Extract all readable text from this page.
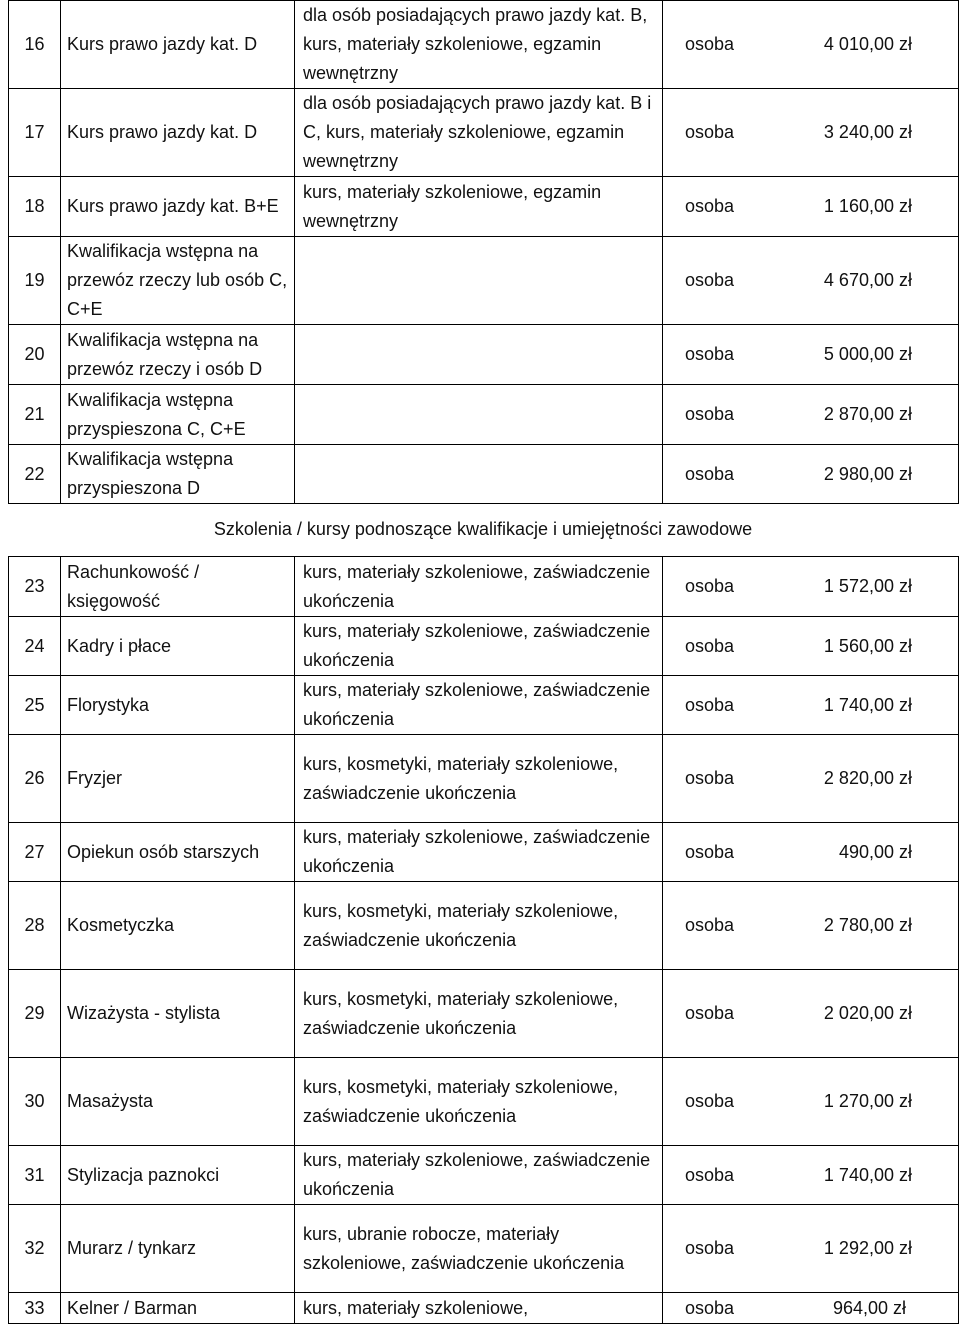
16	Kurs prawo jazdy kat. D	dla osób posiadających prawo jazdy kat. B, kurs, materiały szkoleniowe, egzamin wewnętrzny	osoba 4 010,00 zł

17	Kurs prawo jazdy kat. D	dla osób posiadających prawo jazdy kat. B i C, kurs, materiały szkoleniowe, egzamin wewnętrzny	osoba 3 240,00 zł

18	Kurs prawo jazdy kat. B+E	kurs, materiały szkoleniowe, egzamin wewnętrzny	osoba 1 160,00 zł

19	Kwalifikacja wstępna na przewóz rzeczy lub osób C, C+E		osoba 4 670,00 zł

20	Kwalifikacja wstępna na przewóz rzeczy i osób D		osoba 5 000,00 zł

21	Kwalifikacja wstępna przyspieszona C, C+E		osoba 2 870,00 zł

22	Kwalifikacja wstępna przyspieszona D		osoba 2 980,00 zł
Szkolenia / kursy podnoszące kwalifikacje i umiejętności zawodowe
23	Rachunkowość / księgowość	kurs, materiały szkoleniowe, zaświadczenie ukończenia	osoba 1 572,00 zł

24	Kadry i płace	kurs, materiały szkoleniowe, zaświadczenie ukończenia	osoba 1 560,00 zł

25	Florystyka	kurs, materiały szkoleniowe, zaświadczenie ukończenia	osoba 1 740,00 zł

26	Fryzjer	kurs, kosmetyki, materiały szkoleniowe, zaświadczenie ukończenia	osoba 2 820,00 zł

27	Opiekun osób starszych	kurs, materiały szkoleniowe, zaświadczenie ukończenia	osoba 490,00 zł

28	Kosmetyczka	kurs, kosmetyki, materiały szkoleniowe, zaświadczenie ukończenia	osoba 2 780,00 zł

29	Wizażysta - stylista	kurs, kosmetyki, materiały szkoleniowe, zaświadczenie ukończenia	osoba 2 020,00 zł

30	Masażysta	kurs, kosmetyki, materiały szkoleniowe, zaświadczenie ukończenia	osoba 1 270,00 zł

31	Stylizacja paznokci	kurs, materiały szkoleniowe, zaświadczenie ukończenia	osoba 1 740,00 zł

32	Murarz / tynkarz	kurs, ubranie robocze, materiały szkoleniowe, zaświadczenie ukończenia	osoba 1 292,00 zł

33	Kelner / Barman	kurs, materiały szkoleniowe,	osoba 964,00 zł
